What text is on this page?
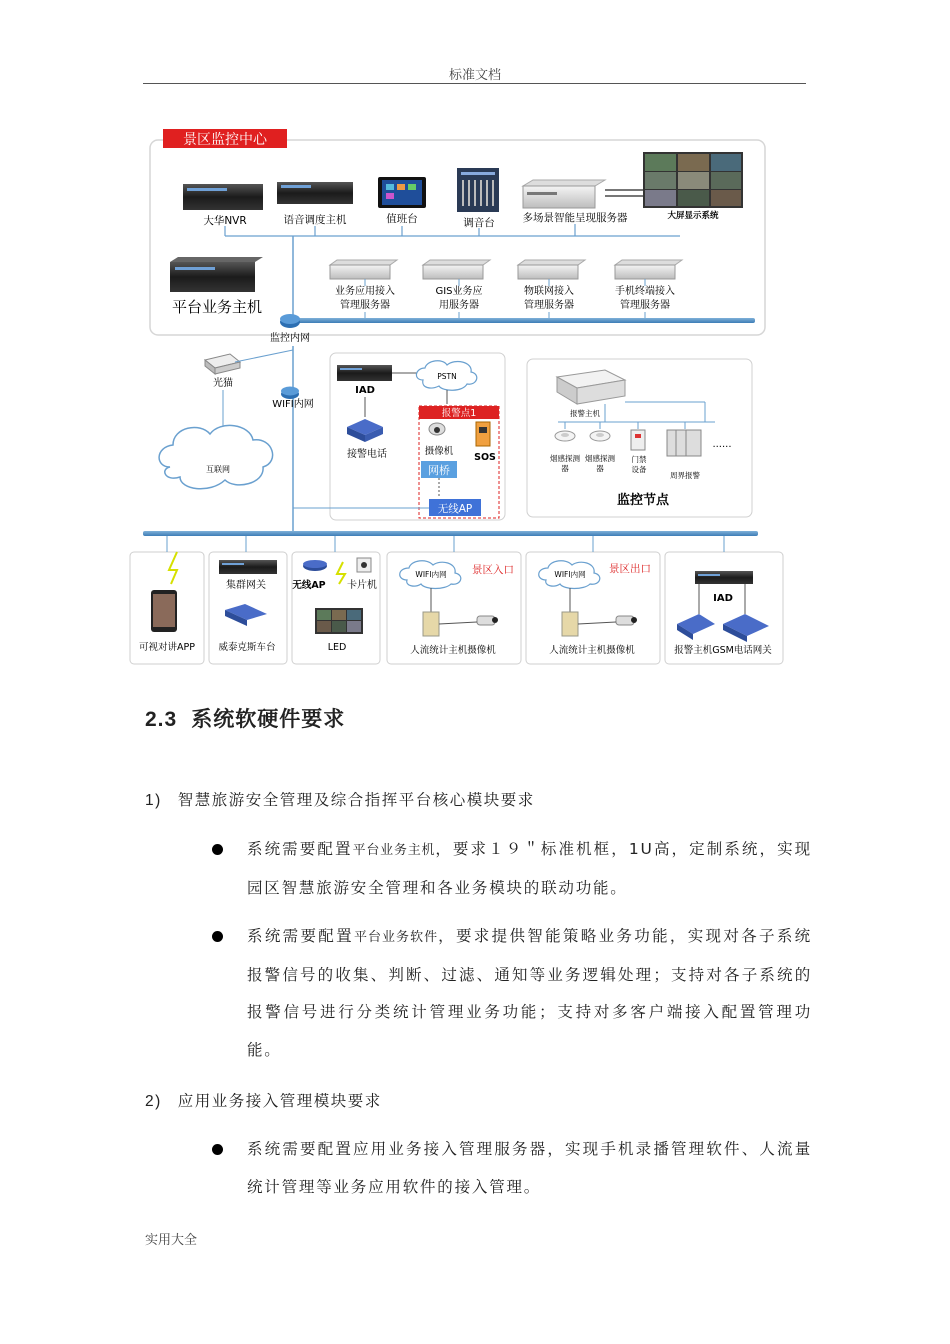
标准文档
景区监控中心
大华NVR	语音调度主机	值班台	调音台	多场景智能呈现服务器	大屏显示系统
平台业务主机
业务应用接入
管理服务器
GIS业务应
用服务器
物联网接入
管理服务器
手机终端接入
管理服务器
监控内网
光猫
WIFI内网
互联网
IAD
PSTN
接警电话
报警点1
摄像机
SOS
网桥
无线AP
报警主机
烟感探测
器
烟感探测
器
门禁
设备
周界报警
......
监控节点
可视对讲APP
集群网关
威泰克斯车台
无线AP 卡片机
LED
WIFI内网 景区入口
人流统计主机摄像机
WIFI内网 景区出口
人流统计主机摄像机
IAD
报警主机GSM电话网关
2.3 系统软硬件要求
1) 智慧旅游安全管理及综合指挥平台核心模块要求
系统需要配置平台业务主机，要求１９＂标准机框，1U高，定制系统，实现园区智慧旅游安全管理和各业务模块的联动功能。
系统需要配置平台业务软件，要求提供智能策略业务功能，实现对各子系统报警信号的收集、判断、过滤、通知等业务逻辑处理；支持对各子系统的报警信号进行分类统计管理业务功能；支持对多客户端接入配置管理功能。
2) 应用业务接入管理模块要求
系统需要配置应用业务接入管理服务器，实现手机录播管理软件、人流量统计管理等业务应用软件的接入管理。
实用大全
